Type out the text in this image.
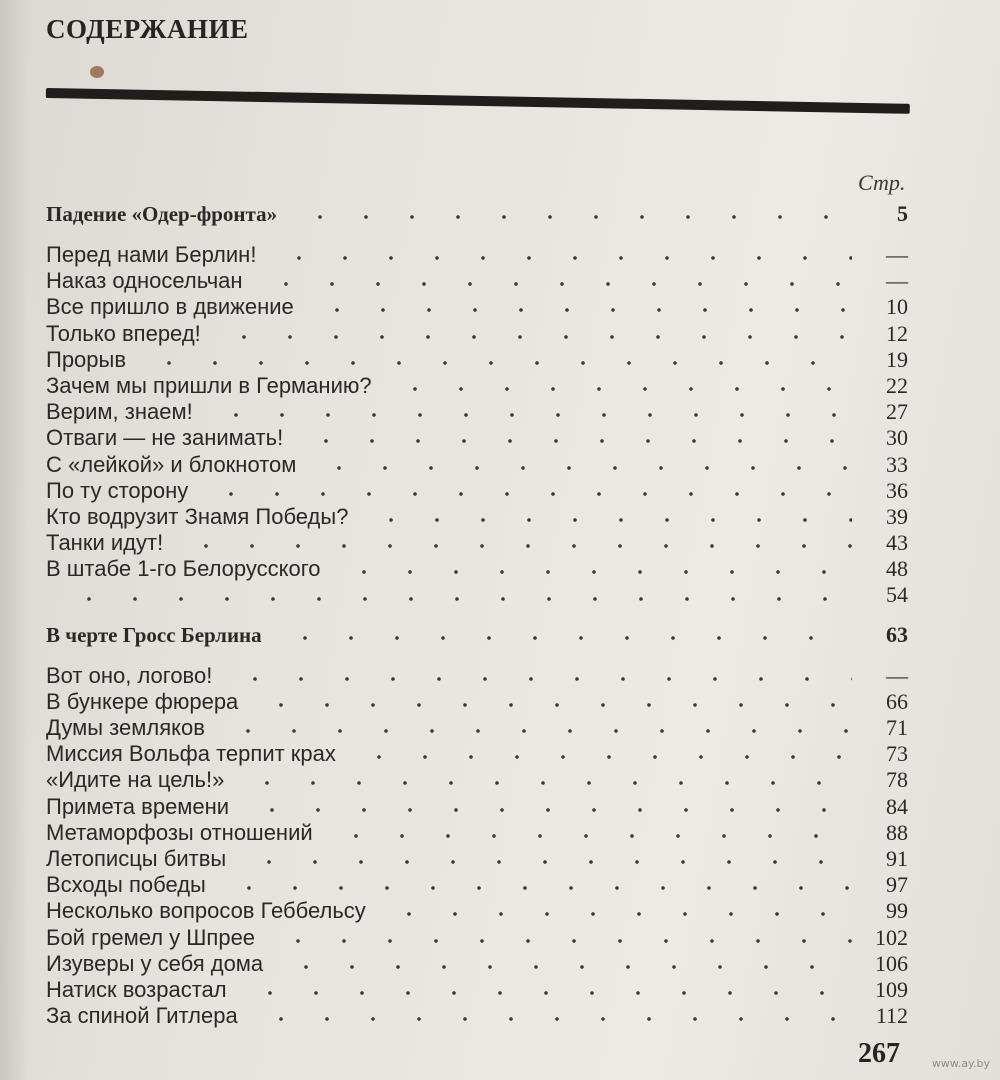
СОДЕРЖАНИЕ
Стр.
Падение «Одер-фронта»	5
Перед нами Берлин!	—
Наказ односельчан	—
Все пришло в движение	10
Только вперед!	12
Прорыв	19
Зачем мы пришли в Германию?	22
Верим, знаем!	27
Отваги — не занимать!	30
С «лейкой» и блокнотом	33
По ту сторону	36
Кто водрузит Знамя Победы?	39
Танки идут!	43
В штабе 1-го Белорусского	48
54
В черте Гросс Берлина	63
Вот оно, логово!	—
В бункере фюрера	66
Думы земляков	71
Миссия Вольфа терпит крах	73
«Идите на цель!»	78
Примета времени	84
Метаморфозы отношений	88
Летописцы битвы	91
Всходы победы	97
Несколько вопросов Геббельсу	99
Бой гремел у Шпрее	102
Изуверы у себя дома	106
Натиск возрастал	109
За спиной Гитлера	112
267	www.ay.by
